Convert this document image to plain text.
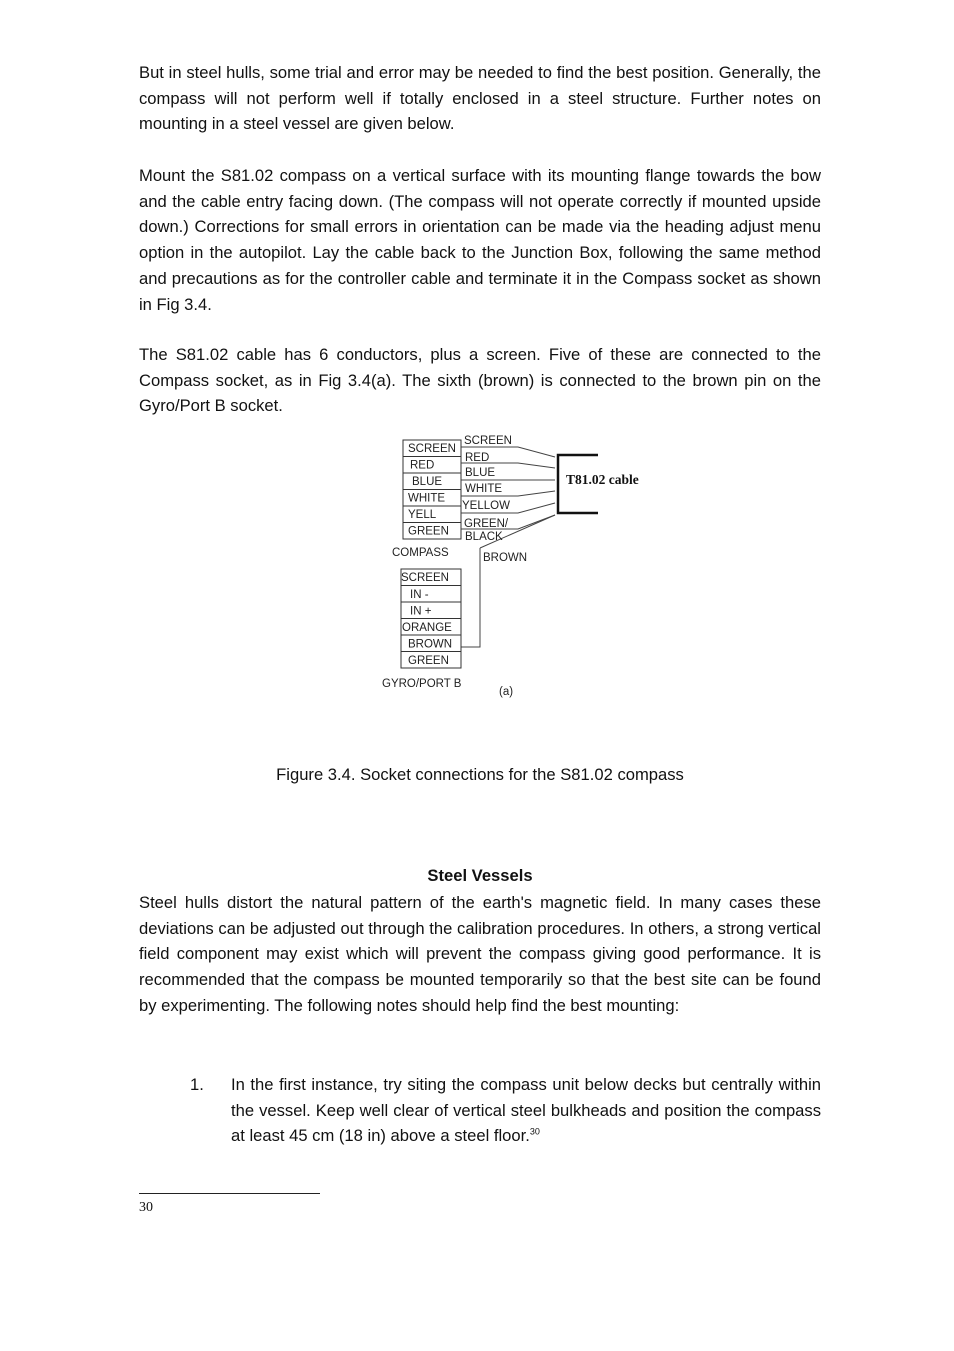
But in steel hulls, some trial and error may be needed to find the best position. Generally, the compass will not perform well if totally enclosed in a steel structure. Further notes on mounting in a steel vessel are given below.

Mount the S81.02 compass on a vertical surface with its mounting flange towards the bow and the cable entry facing down. (The compass will not operate correctly if mounted upside down.) Corrections for small errors in orientation can be made via the heading adjust menu option in the autopilot. Lay the cable back to the Junction Box, following the same method and precautions as for the controller cable and terminate it in the Compass socket as shown in Fig 3.4.

The S81.02 cable has 6 conductors, plus a screen. Five of these are connected to the Compass socket, as in Fig 3.4(a). The sixth (brown) is connected to the brown pin on the Gyro/Port B socket.

SCREEN
RED
BLUE
WHITE
YELL
GREEN
COMPASS
SCREEN
RED
BLUE
WHITE
YELLOW
GREEN/
BLACK
BROWN
T81.02 cable
SCREEN
IN -
IN +
ORANGE
BROWN
GREEN
GYRO/PORT B
(a)

Figure 3.4. Socket connections for the S81.02 compass

Steel Vessels

Steel hulls distort the natural pattern of the earth's magnetic field. In many cases these deviations can be adjusted out through the calibration procedures. In others, a strong vertical field component may exist which will prevent the compass giving good performance. It is recommended that the compass be mounted temporarily so that the best site can be found by experimenting. The following notes should help find the best mounting:

1. In the first instance, try siting the compass unit below decks but centrally within the vessel. Keep well clear of vertical steel bulkheads and position the compass at least 45 cm (18 in) above a steel floor.$^{30}$

30
